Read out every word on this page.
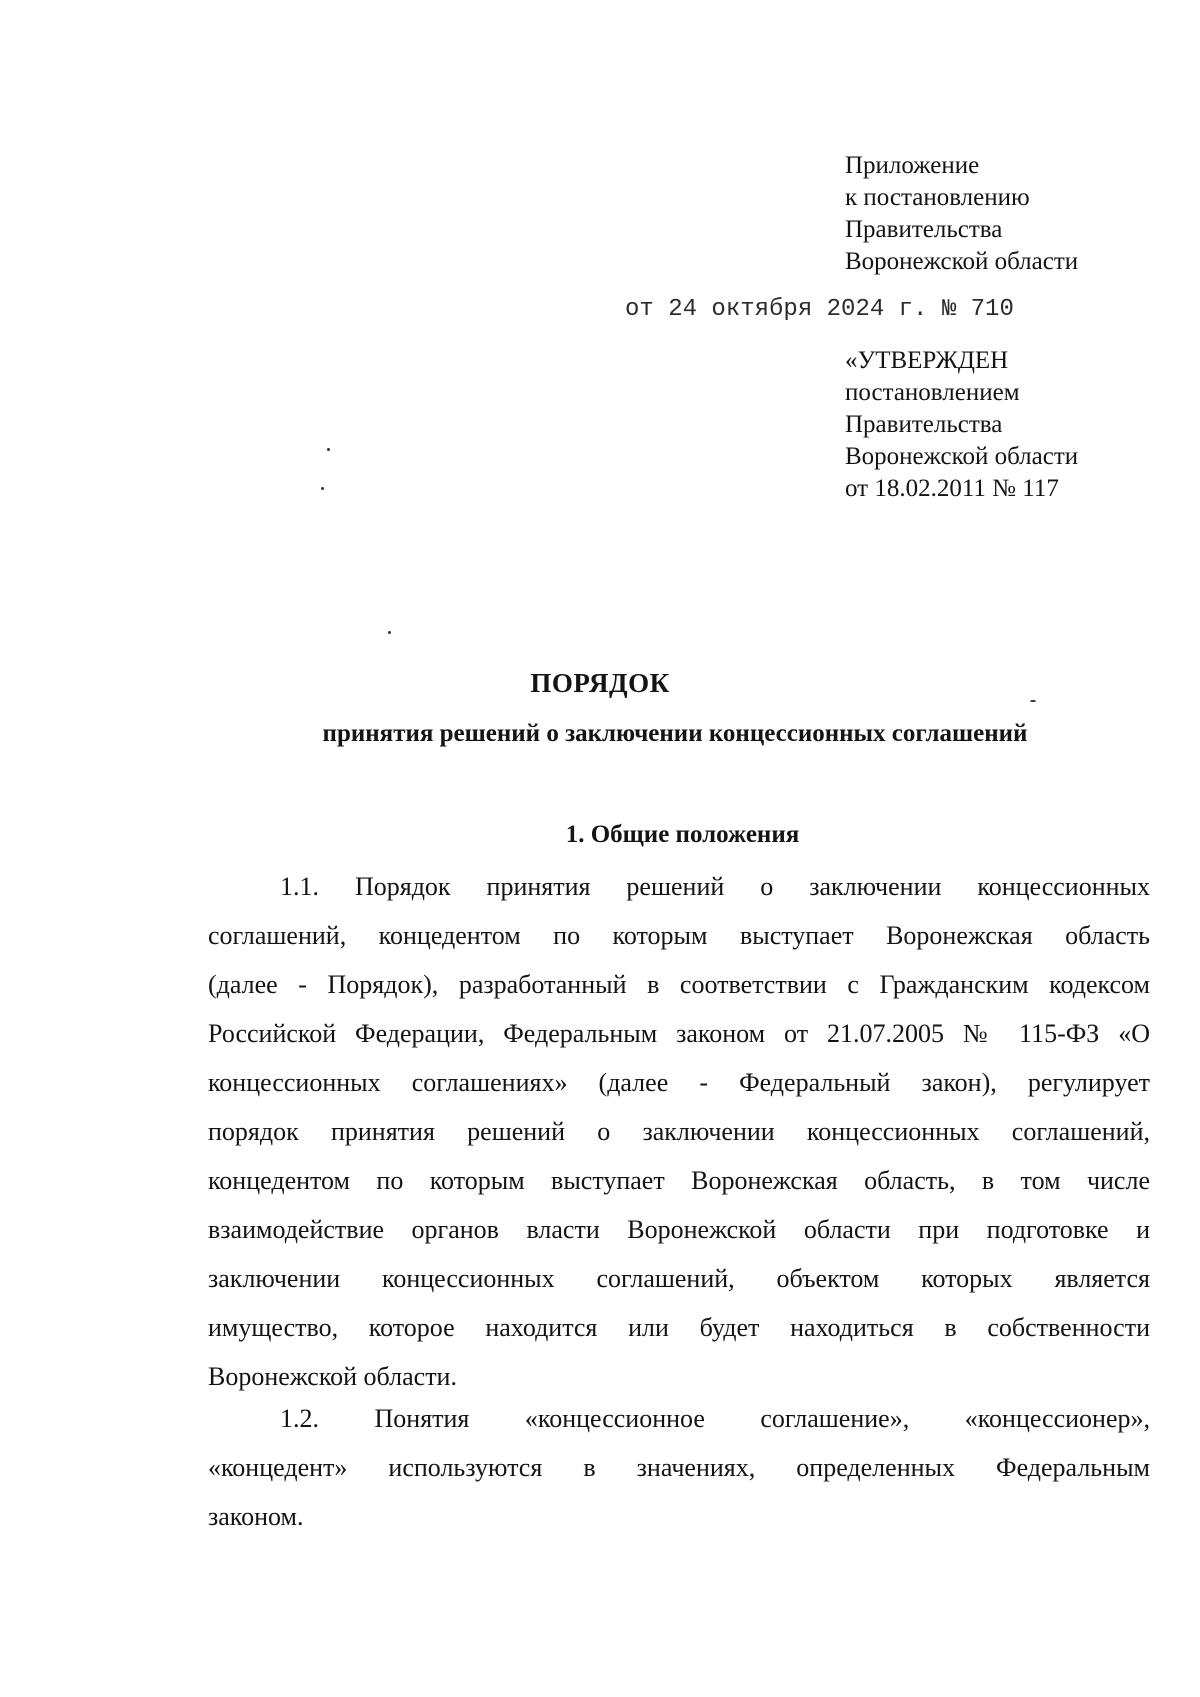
Приложение
к постановлению
Правительства
Воронежской области
от 24 октября 2024 г. № 710
«УТВЕРЖДЕН
постановлением
Правительства
Воронежской области
от 18.02.2011 № 117
ПОРЯДОК
принятия решений о заключении концессионных соглашений
1. Общие положения
1.1. Порядок принятия решений о заключении концессионных
соглашений, концедентом по которым выступает Воронежская область
(далее - Порядок), разработанный в соответствии с Гражданским кодексом
Российской Федерации, Федеральным законом от 21.07.2005 № 115-ФЗ «О
концессионных соглашениях» (далее - Федеральный закон), регулирует
порядок принятия решений о заключении концессионных соглашений,
концедентом по которым выступает Воронежская область, в том числе
взаимодействие органов власти Воронежской области при подготовке и
заключении концессионных соглашений, объектом которых является
имущество, которое находится или будет находиться в собственности
Воронежской области.
1.2. Понятия «концессионное соглашение», «концессионер»,
«концедент» используются в значениях, определенных Федеральным
законом.
